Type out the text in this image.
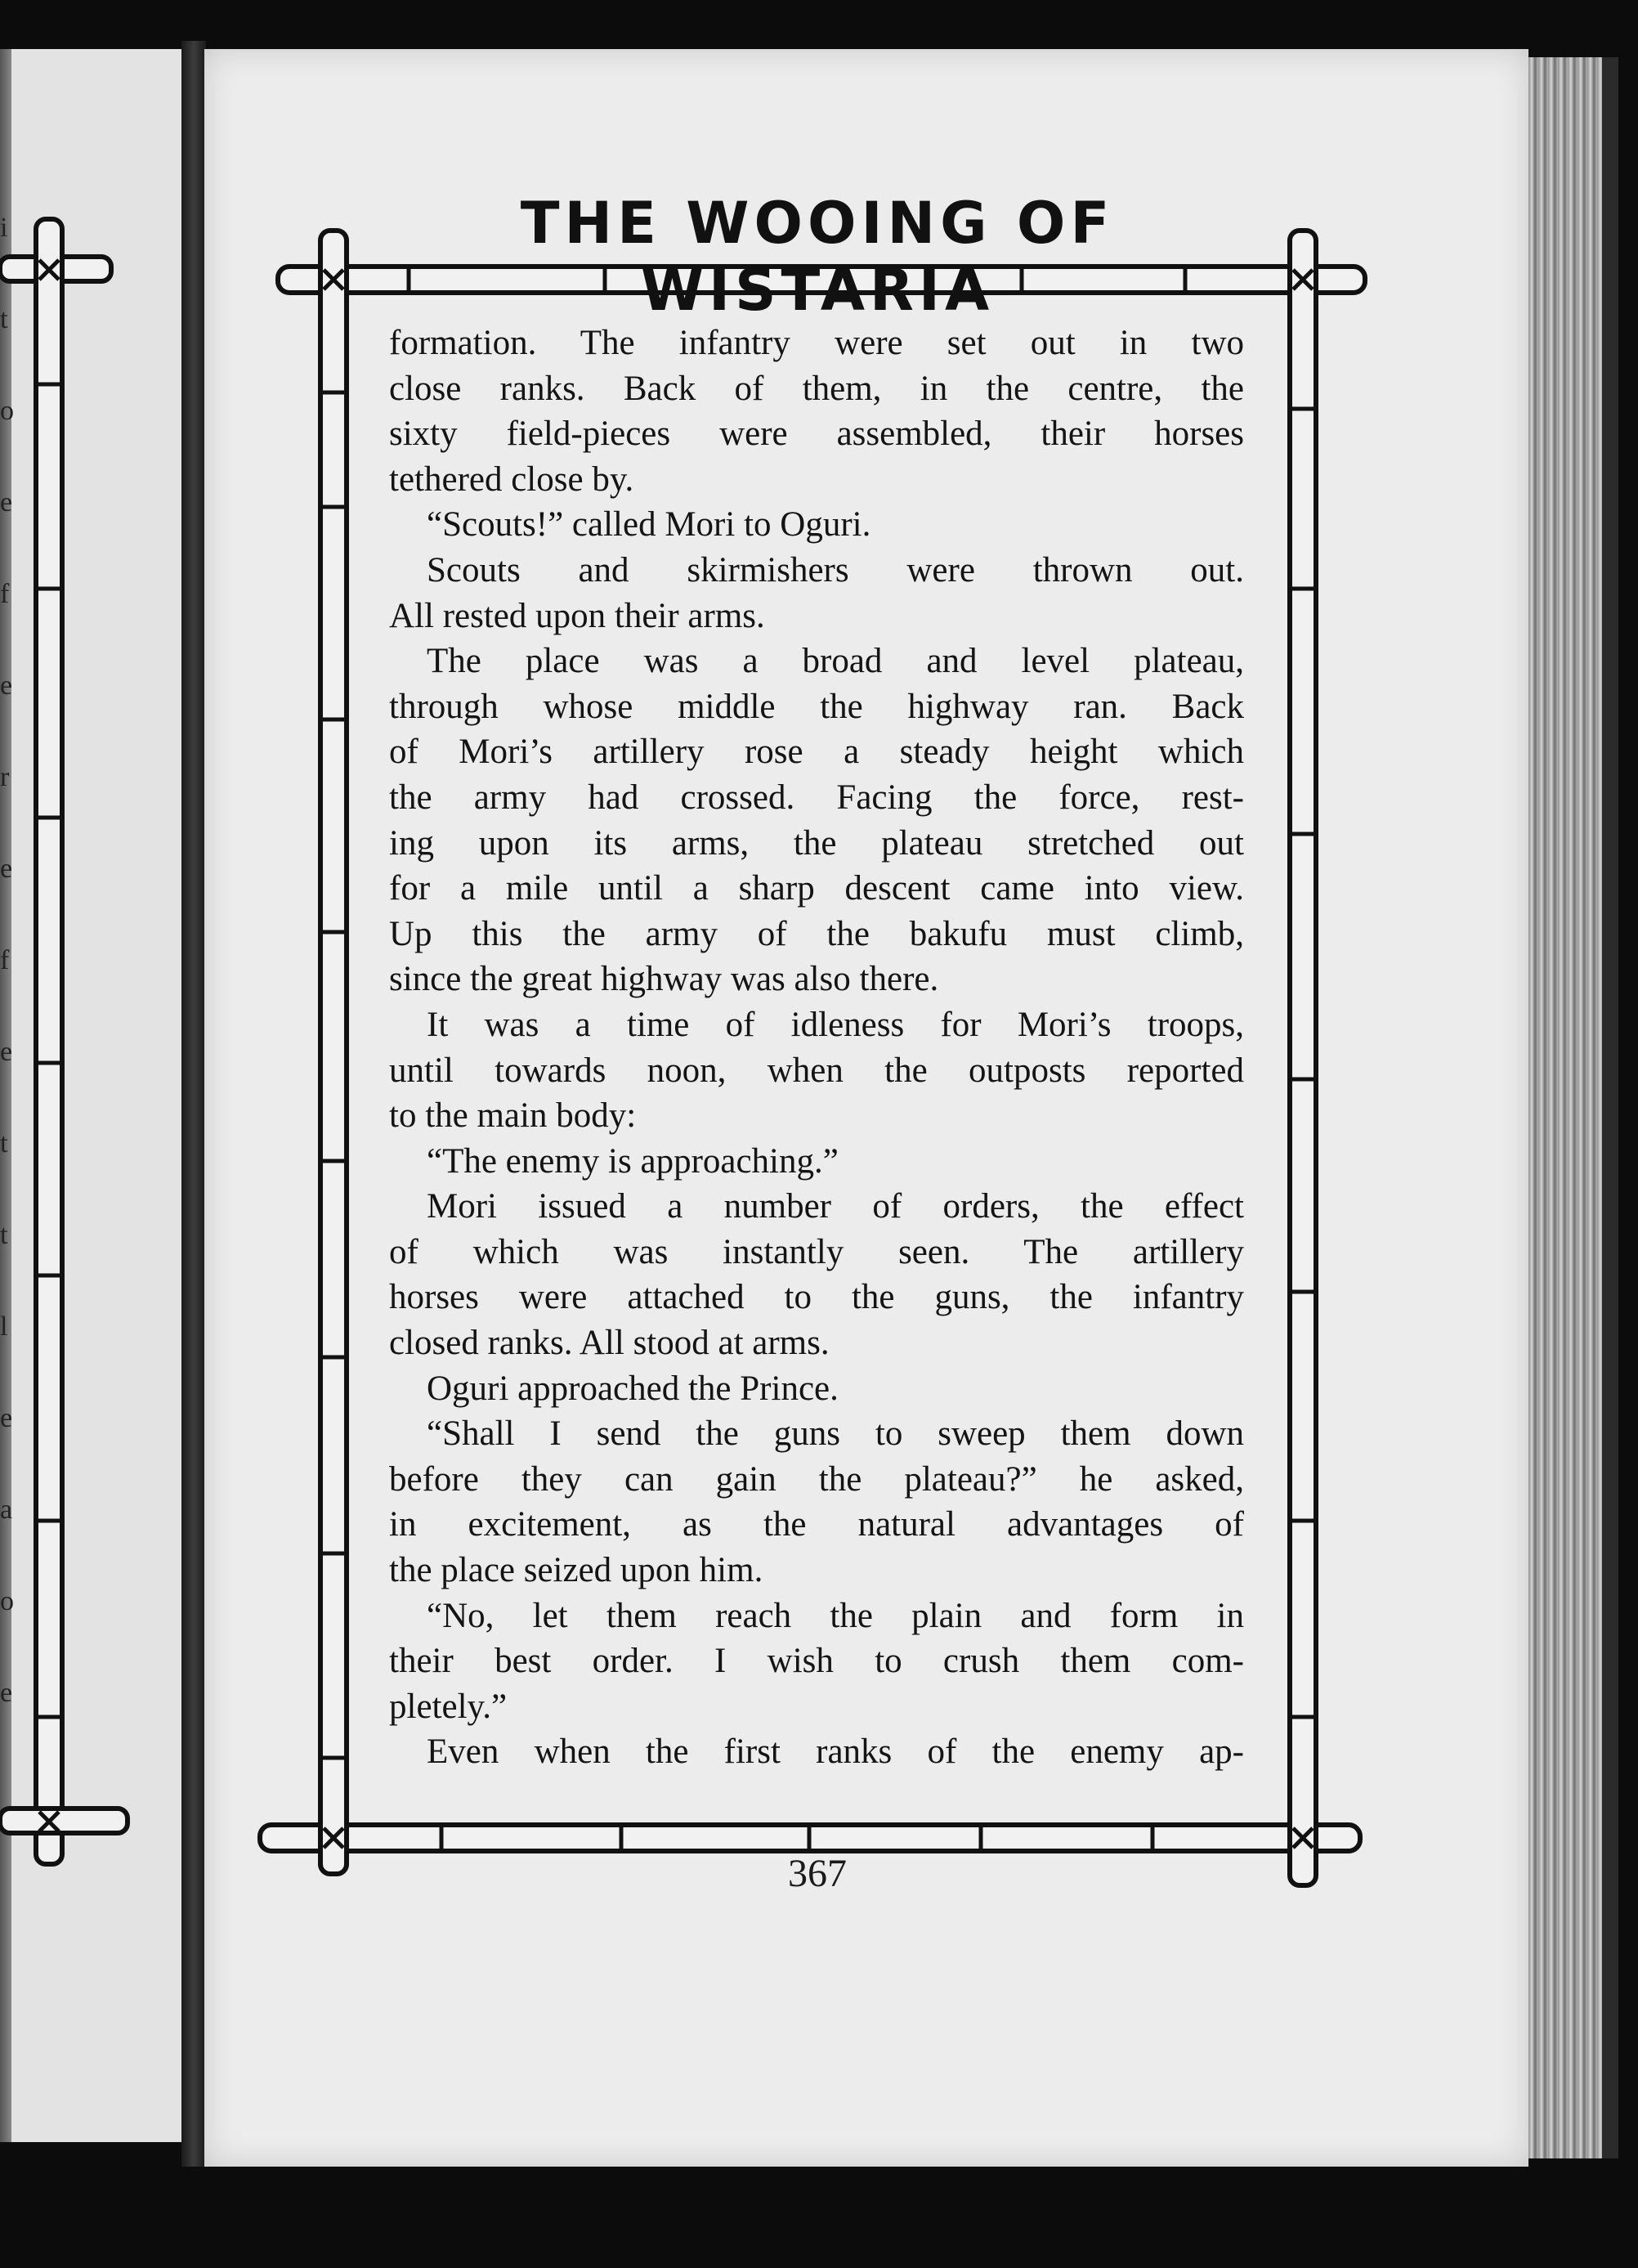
i
t
o
e
f
e
r
e
f
e
t
t
l
e
a
o
e
THE WOOING OF WISTARIA
formation. The infantry were set out in two
close ranks. Back of them, in the centre, the
sixty field-pieces were assembled, their horses
tethered close by.
“Scouts!” called Mori to Oguri.
Scouts and skirmishers were thrown out.
All rested upon their arms.
The place was a broad and level plateau,
through whose middle the highway ran. Back
of Mori’s artillery rose a steady height which
the army had crossed. Facing the force, rest-
ing upon its arms, the plateau stretched out
for a mile until a sharp descent came into view.
Up this the army of the bakufu must climb,
since the great highway was also there.
It was a time of idleness for Mori’s troops,
until towards noon, when the outposts reported
to the main body:
“The enemy is approaching.”
Mori issued a number of orders, the effect
of which was instantly seen. The artillery
horses were attached to the guns, the infantry
closed ranks. All stood at arms.
Oguri approached the Prince.
“Shall I send the guns to sweep them down
before they can gain the plateau?” he asked,
in excitement, as the natural advantages of
the place seized upon him.
“No, let them reach the plain and form in
their best order. I wish to crush them com-
pletely.”
Even when the first ranks of the enemy ap-
367
